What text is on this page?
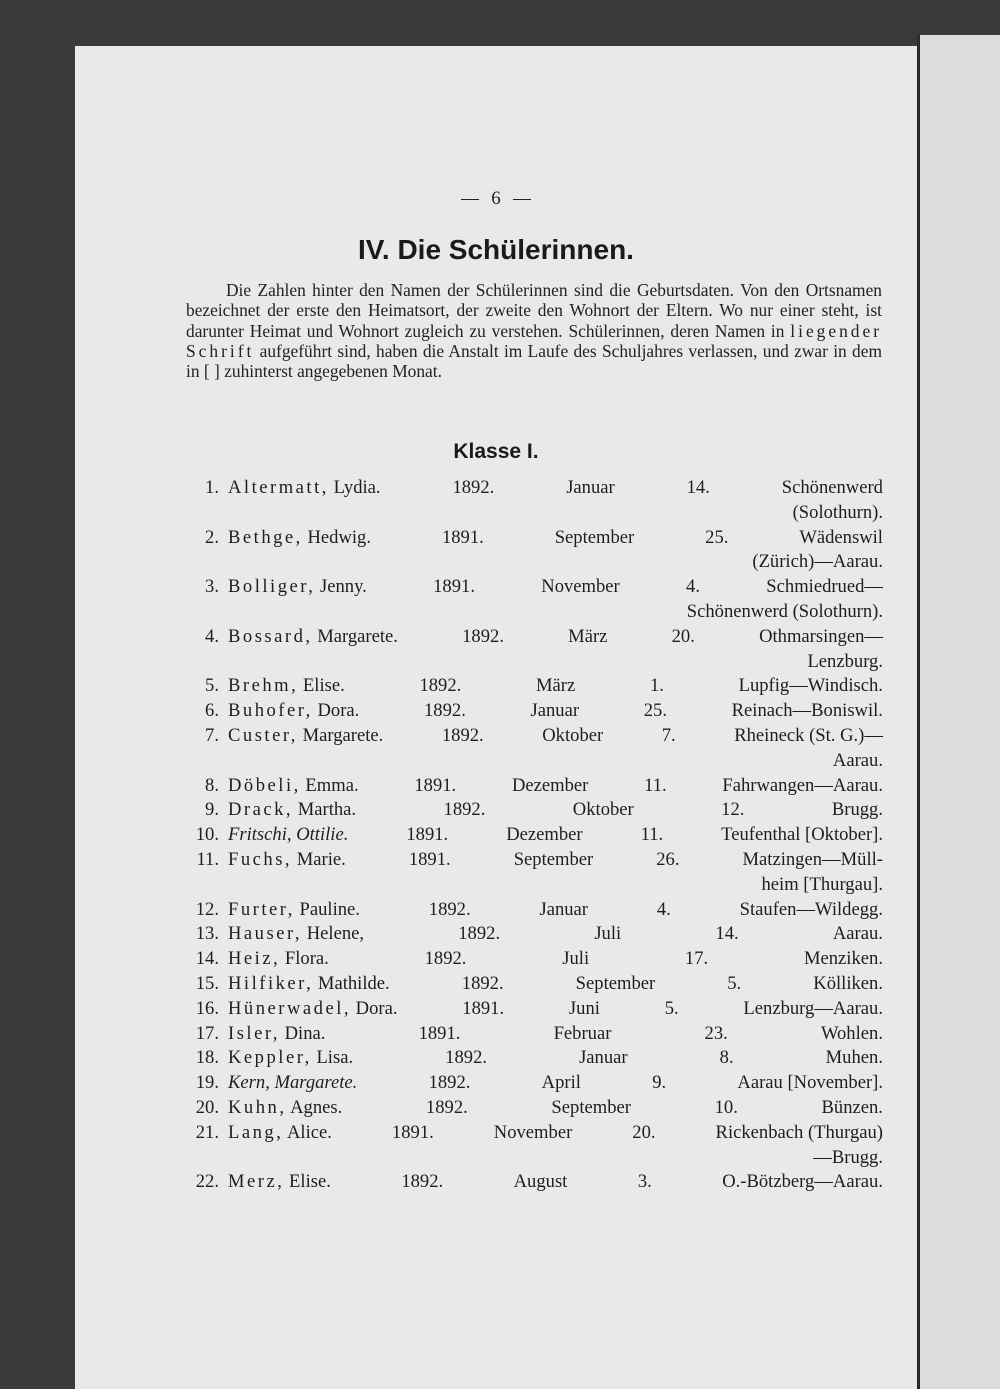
6
IV. Die Schülerinnen.

Die Zahlen hinter den Namen der Schülerinnen sind die Geburtsdaten. Von den Ortsnamen bezeichnet der erste den Heimatsort, der zweite den Wohnort der Eltern. Wo nur einer steht, ist darunter Heimat und Wohnort zugleich zu verstehen. Schülerinnen, deren Namen in liegender Schrift aufgeführt sind, haben die Anstalt im Laufe des Schuljahres verlassen, und zwar in dem in [ ] zuhinterst angegebenen Monat.

Klasse I.
1. Altermatt, Lydia.	1892.	Januar	14.	Schönenwerd
(Solothurn).
2. Bethge, Hedwig.	1891.	September	25.	Wädenswil
(Zürich)—Aarau.
3. Bolliger, Jenny.	1891.	November	4.	Schmiedrued—
Schönenwerd (Solothurn).
4. Bossard, Margarete.	1892.	März	20.	Othmarsingen—
Lenzburg.
5. Brehm, Elise.	1892.	März	1.	Lupfig—Windisch.
6. Buhofer, Dora.	1892.	Januar	25.	Reinach—Boniswil.
7. Custer, Margarete.	1892.	Oktober	7.	Rheineck (St. G.)—
Aarau.
8. Döbeli, Emma.	1891.	Dezember	11.	Fahrwangen—Aarau.
9. Drack, Martha.	1892.	Oktober	12.	Brugg.
10. Fritschi, Ottilie.	1891.	Dezember	11.	Teufenthal [Oktober].
11. Fuchs, Marie.	1891.	September	26.	Matzingen—Müll-
heim [Thurgau].
12. Furter, Pauline.	1892.	Januar	4.	Staufen—Wildegg.
13. Hauser, Helene,	1892.	Juli	14.	Aarau.
14. Heiz, Flora.	1892.	Juli	17.	Menziken.
15. Hilfiker, Mathilde.	1892.	September	5.	Kölliken.
16. Hünerwadel, Dora.	1891.	Juni	5.	Lenzburg—Aarau.
17. Isler, Dina.	1891.	Februar	23.	Wohlen.
18. Keppler, Lisa.	1892.	Januar	8.	Muhen.
19. Kern, Margarete.	1892.	April	9.	Aarau [November].
20. Kuhn, Agnes.	1892.	September	10.	Bünzen.
21. Lang, Alice.	1891.	November	20.	Rickenbach (Thurgau)
—Brugg.
22. Merz, Elise.	1892.	August	3.	O.-Bötzberg—Aarau.
